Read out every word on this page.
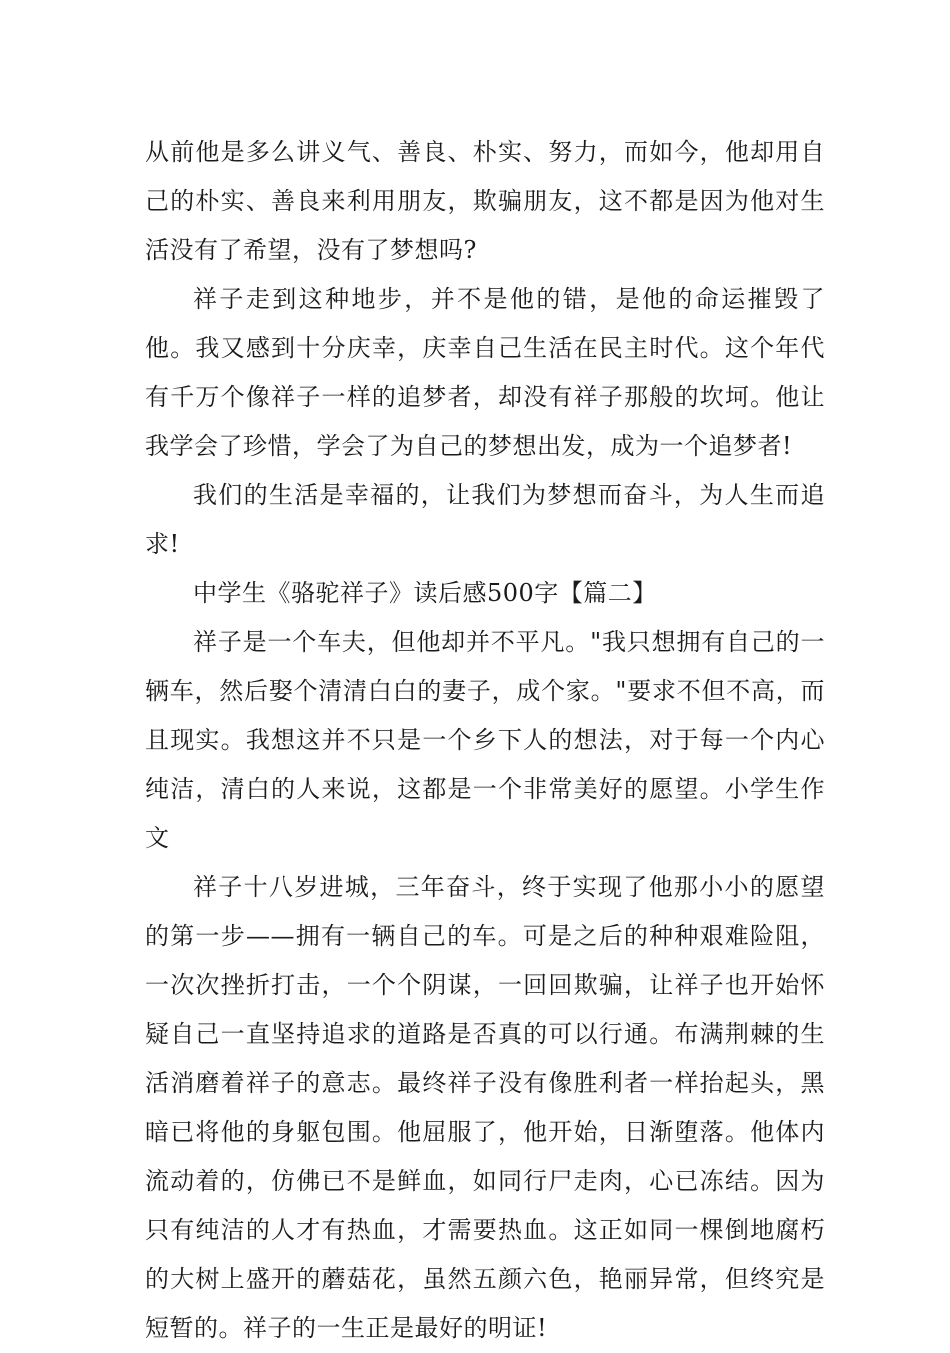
从前他是多么讲义气、善良、朴实、努力，而如今，他却用自己的朴实、善良来利用朋友，欺骗朋友，这不都是因为他对生活没有了希望，没有了梦想吗?

祥子走到这种地步，并不是他的错，是他的命运摧毁了他。我又感到十分庆幸，庆幸自己生活在民主时代。这个年代有千万个像祥子一样的追梦者，却没有祥子那般的坎坷。他让我学会了珍惜，学会了为自己的梦想出发，成为一个追梦者!

我们的生活是幸福的，让我们为梦想而奋斗，为人生而追求!

中学生《骆驼祥子》读后感500字【篇二】

祥子是一个车夫，但他却并不平凡。"我只想拥有自己的一辆车，然后娶个清清白白的妻子，成个家。"要求不但不高，而且现实。我想这并不只是一个乡下人的想法，对于每一个内心纯洁，清白的人来说，这都是一个非常美好的愿望。小学生作文

祥子十八岁进城，三年奋斗，终于实现了他那小小的愿望的第一步——拥有一辆自己的车。可是之后的种种艰难险阻，一次次挫折打击，一个个阴谋，一回回欺骗，让祥子也开始怀疑自己一直坚持追求的道路是否真的可以行通。布满荆棘的生活消磨着祥子的意志。最终祥子没有像胜利者一样抬起头，黑暗已将他的身躯包围。他屈服了，他开始，日渐堕落。他体内流动着的，仿佛已不是鲜血，如同行尸走肉，心已冻结。因为只有纯洁的人才有热血，才需要热血。这正如同一棵倒地腐朽的大树上盛开的蘑菇花，虽然五颜六色，艳丽异常，但终究是短暂的。祥子的一生正是最好的明证!
